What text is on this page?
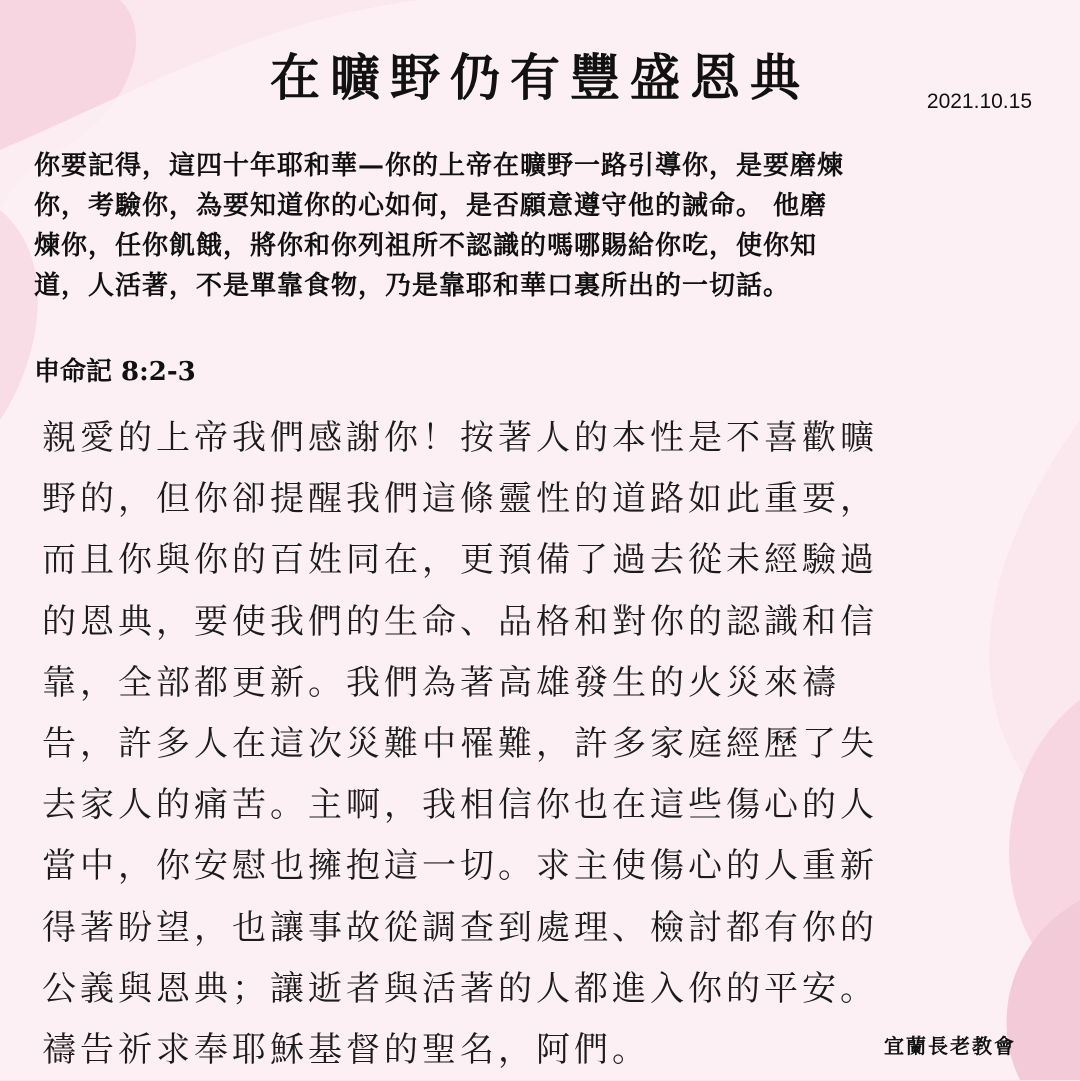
在曠野仍有豐盛恩典	2021.10.15
你要記得，這四十年耶和華—你的上帝在曠野一路引導你，是要磨煉
你，考驗你，為要知道你的心如何，是否願意遵守他的誡命。 他磨
煉你，任你飢餓，將你和你列祖所不認識的嗎哪賜給你吃，使你知
道，人活著，不是單靠食物，乃是靠耶和華口裏所出的一切話。
申命記 8:2-3
親愛的上帝我們感謝你！按著人的本性是不喜歡曠
野的，但你卻提醒我們這條靈性的道路如此重要，
而且你與你的百姓同在，更預備了過去從未經驗過
的恩典，要使我們的生命、品格和對你的認識和信
靠，全部都更新。我們為著高雄發生的火災來禱
告，許多人在這次災難中罹難，許多家庭經歷了失
去家人的痛苦。主啊，我相信你也在這些傷心的人
當中，你安慰也擁抱這一切。求主使傷心的人重新
得著盼望，也讓事故從調查到處理、檢討都有你的
公義與恩典；讓逝者與活著的人都進入你的平安。
禱告祈求奉耶穌基督的聖名，阿們。	宜蘭長老教會
